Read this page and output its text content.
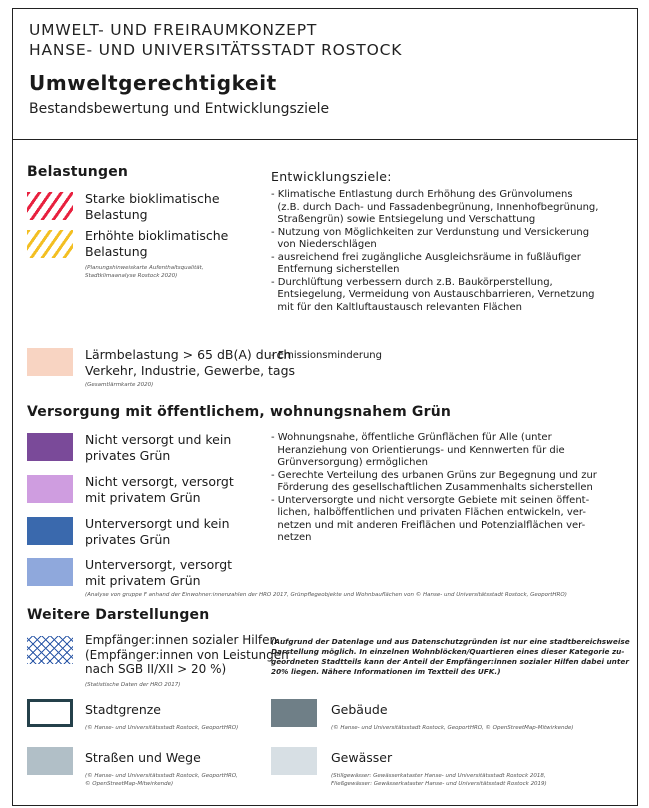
UMWELT- UND FREIRAUMKONZEPT
HANSE- UND UNIVERSITÄTSSTADT ROSTOCK
Umweltgerechtigkeit
Bestandsbewertung und Entwicklungsziele
Belastungen	Entwicklungsziele:
Starke bioklimatische
Belastung
Erhöhte bioklimatische
Belastung
(Planungshinweiskarte Aufenthaltsqualität,
Stadtklimaanalyse Rostock 2020)
- Klimatische Entlastung durch Erhöhung des Grünvolumens
(z.B. durch Dach- und Fassadenbegrünung, Innenhofbegrünung,
Straßengrün) sowie Entsiegelung und Verschattung
- Nutzung von Möglichkeiten zur Verdunstung und Versickerung
von Niederschlägen
- ausreichend frei zugängliche Ausgleichsräume in fußläufiger
Entfernung sicherstellen
- Durchlüftung verbessern durch z.B. Baukörperstellung,
Entsiegelung, Vermeidung von Austauschbarrieren, Vernetzung
mit für den Kaltluftaustausch relevanten Flächen
Lärmbelastung > 65 dB(A) durch
Verkehr, Industrie, Gewerbe, tags
(Gesamtlärmkarte 2020)
- Emissionsminderung
Versorgung mit öffentlichem, wohnungsnahem Grün
Nicht versorgt und kein
privates Grün
Nicht versorgt, versorgt
mit privatem Grün
Unterversorgt und kein
privates Grün
Unterversorgt, versorgt
mit privatem Grün
- Wohnungsnahe, öffentliche Grünflächen für Alle (unter
Heranziehung von Orientierungs- und Kennwerten für die
Grünversorgung) ermöglichen
- Gerechte Verteilung des urbanen Grüns zur Begegnung und zur
Förderung des gesellschaftlichen Zusammenhalts sicherstellen
- Unterversorgte und nicht versorgte Gebiete mit seinen öffent-
lichen, halböffentlichen und privaten Flächen entwickeln, ver-
netzen und mit anderen Freiflächen und Potenzialflächen ver-
netzen
(Analyse von gruppe F anhand der Einwohner:innenzahlen der HRO 2017, Grünpflegeobjekte und Wohnbauflächen von © Hanse- und Universitätsstadt Rostock, GeoportHRO)
Weitere Darstellungen
Empfänger:innen sozialer Hilfen
(Empfänger:innen von Leistungen
nach SGB II/XII > 20 %)
(Statistische Daten der HRO 2017)
(Aufgrund der Datenlage und aus Datenschutzgründen ist nur eine stadtbereichsweise
Darstellung möglich. In einzelnen Wohnblöcken/Quartieren eines dieser Kategorie zu-
geordneten Stadtteils kann der Anteil der Empfänger:innen sozialer Hilfen dabei unter
20% liegen. Nähere Informationen im Textteil des UFK.)
Stadtgrenze
(© Hanse- und Universitätsstadt Rostock, GeoportHRO)
Gebäude
(© Hanse- und Universitätsstadt Rostock, GeoportHRO, © OpenStreetMap-Mitwirkende)
Straßen und Wege
(© Hanse- und Universitätsstadt Rostock, GeoportHRO,
© OpenStreetMap-Mitwirkende)
Gewässer
(Stillgewässer: Gewässerkataster Hanse- und Universitätsstadt Rostock 2018,
Fließgewässer: Gewässerkataster Hanse- und Universitätsstadt Rostock 2019)
